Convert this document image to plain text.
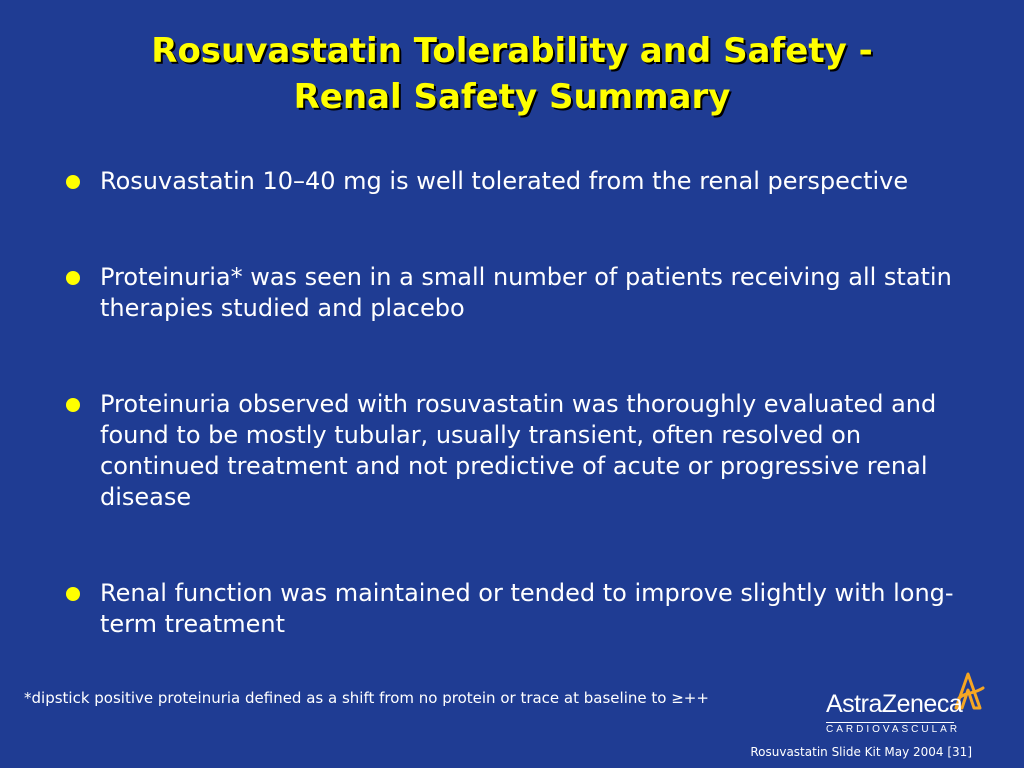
Rosuvastatin Tolerability and Safety -
Renal Safety Summary
Rosuvastatin 10–40 mg is well tolerated from the renal perspective
Proteinuria* was seen in a small number of patients receiving all statin therapies studied and placebo
Proteinuria observed with rosuvastatin was thoroughly evaluated and found to be mostly tubular, usually transient, often resolved on continued treatment and not predictive of acute or progressive renal disease
Renal function was maintained or tended to improve slightly with long-term treatment
*dipstick positive proteinuria defined as a shift from no protein or trace at baseline to ≥++	AstraZeneca
CARDIOVASCULAR
Rosuvastatin Slide Kit May 2004 [31]
